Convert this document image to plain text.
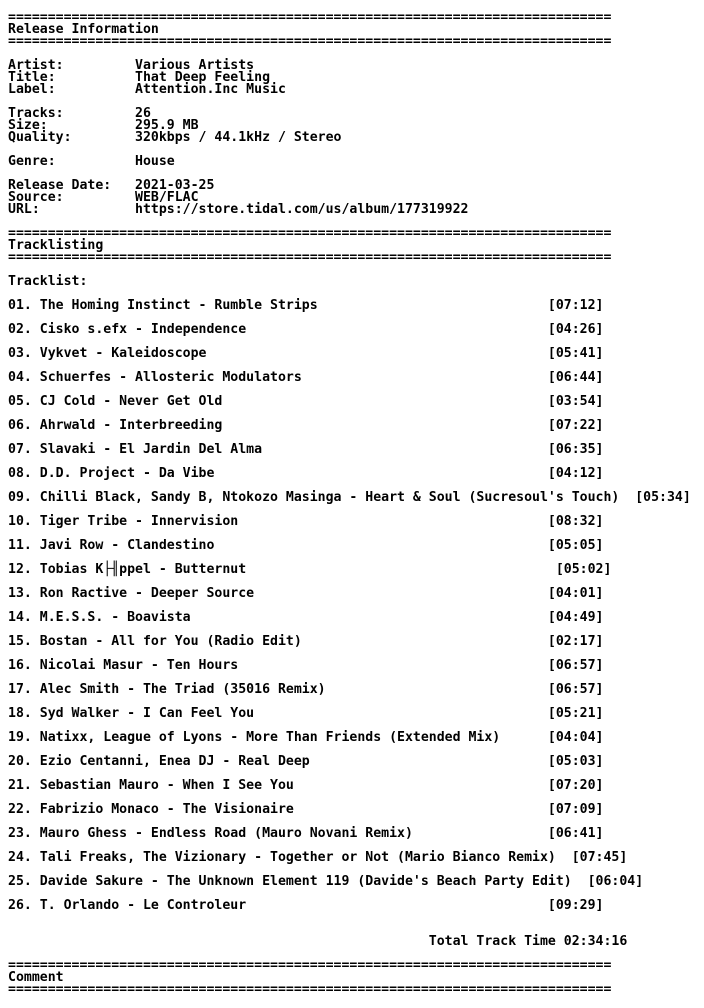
============================================================================
Release Information
============================================================================

Artist:         Various Artists
Title:          That Deep Feeling
Label:          Attention.Inc Music

Tracks:         26
Size:           295.9 MB
Quality:        320kbps / 44.1kHz / Stereo

Genre:          House

Release Date:   2021-03-25
Source:         WEB/FLAC
URL:            https://store.tidal.com/us/album/177319922

============================================================================
Tracklisting
============================================================================

Tracklist:

01. The Homing Instinct - Rumble Strips                             [07:12]

02. Cisko s.efx - Independence                                      [04:26]

03. Vykvet - Kaleidoscope                                           [05:41]

04. Schuerfes - Allosteric Modulators                               [06:44]

05. CJ Cold - Never Get Old                                         [03:54]

06. Ahrwald - Interbreeding                                         [07:22]

07. Slavaki - El Jardin Del Alma                                    [06:35]

08. D.D. Project - Da Vibe                                          [04:12]

09. Chilli Black, Sandy B, Ntokozo Masinga - Heart & Soul (Sucresoul's Touch)  [05:34]

10. Tiger Tribe - Innervision                                       [08:32]

11. Javi Row - Clandestino                                          [05:05]

12. Tobias K├╢ppel - Butternut                                       [05:02]

13. Ron Ractive - Deeper Source                                     [04:01]

14. M.E.S.S. - Boavista                                             [04:49]

15. Bostan - All for You (Radio Edit)                               [02:17]

16. Nicolai Masur - Ten Hours                                       [06:57]

17. Alec Smith - The Triad (35016 Remix)                            [06:57]

18. Syd Walker - I Can Feel You                                     [05:21]

19. Natixx, League of Lyons - More Than Friends (Extended Mix)      [04:04]

20. Ezio Centanni, Enea DJ - Real Deep                              [05:03]

21. Sebastian Mauro - When I See You                                [07:20]

22. Fabrizio Monaco - The Visionaire                                [07:09]

23. Mauro Ghess - Endless Road (Mauro Novani Remix)                 [06:41]

24. Tali Freaks, The Vizionary - Together or Not (Mario Bianco Remix)  [07:45]

25. Davide Sakure - The Unknown Element 119 (Davide's Beach Party Edit)  [06:04]

26. T. Orlando - Le Controleur                                      [09:29]

Total Track Time 02:34:16

============================================================================
Comment
============================================================================
